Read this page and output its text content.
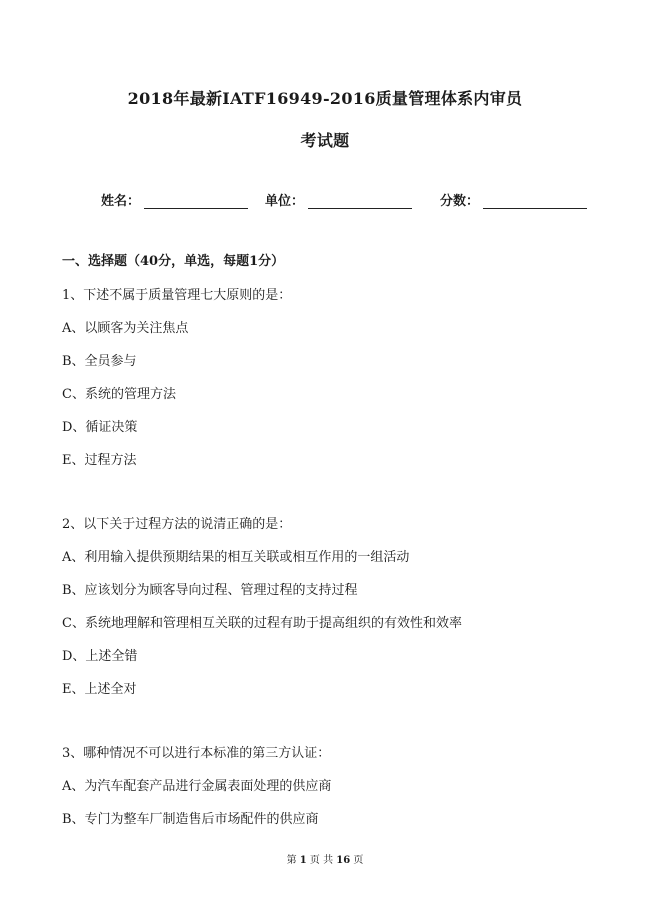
2018年最新IATF16949-2016质量管理体系内审员
考试题
姓名：	单位：	分数：
一、选择题（40分，单选，每题1分）
1、下述不属于质量管理七大原则的是：
A、以顾客为关注焦点
B、全员参与
C、系统的管理方法
D、循证决策
E、过程方法
2、以下关于过程方法的说清正确的是：
A、利用输入提供预期结果的相互关联或相互作用的一组活动
B、应该划分为顾客导向过程、管理过程的支持过程
C、系统地理解和管理相互关联的过程有助于提高组织的有效性和效率
D、上述全错
E、上述全对
3、哪种情况不可以进行本标准的第三方认证：
A、为汽车配套产品进行金属表面处理的供应商
B、专门为整车厂制造售后市场配件的供应商
第 1 页 共 16 页
